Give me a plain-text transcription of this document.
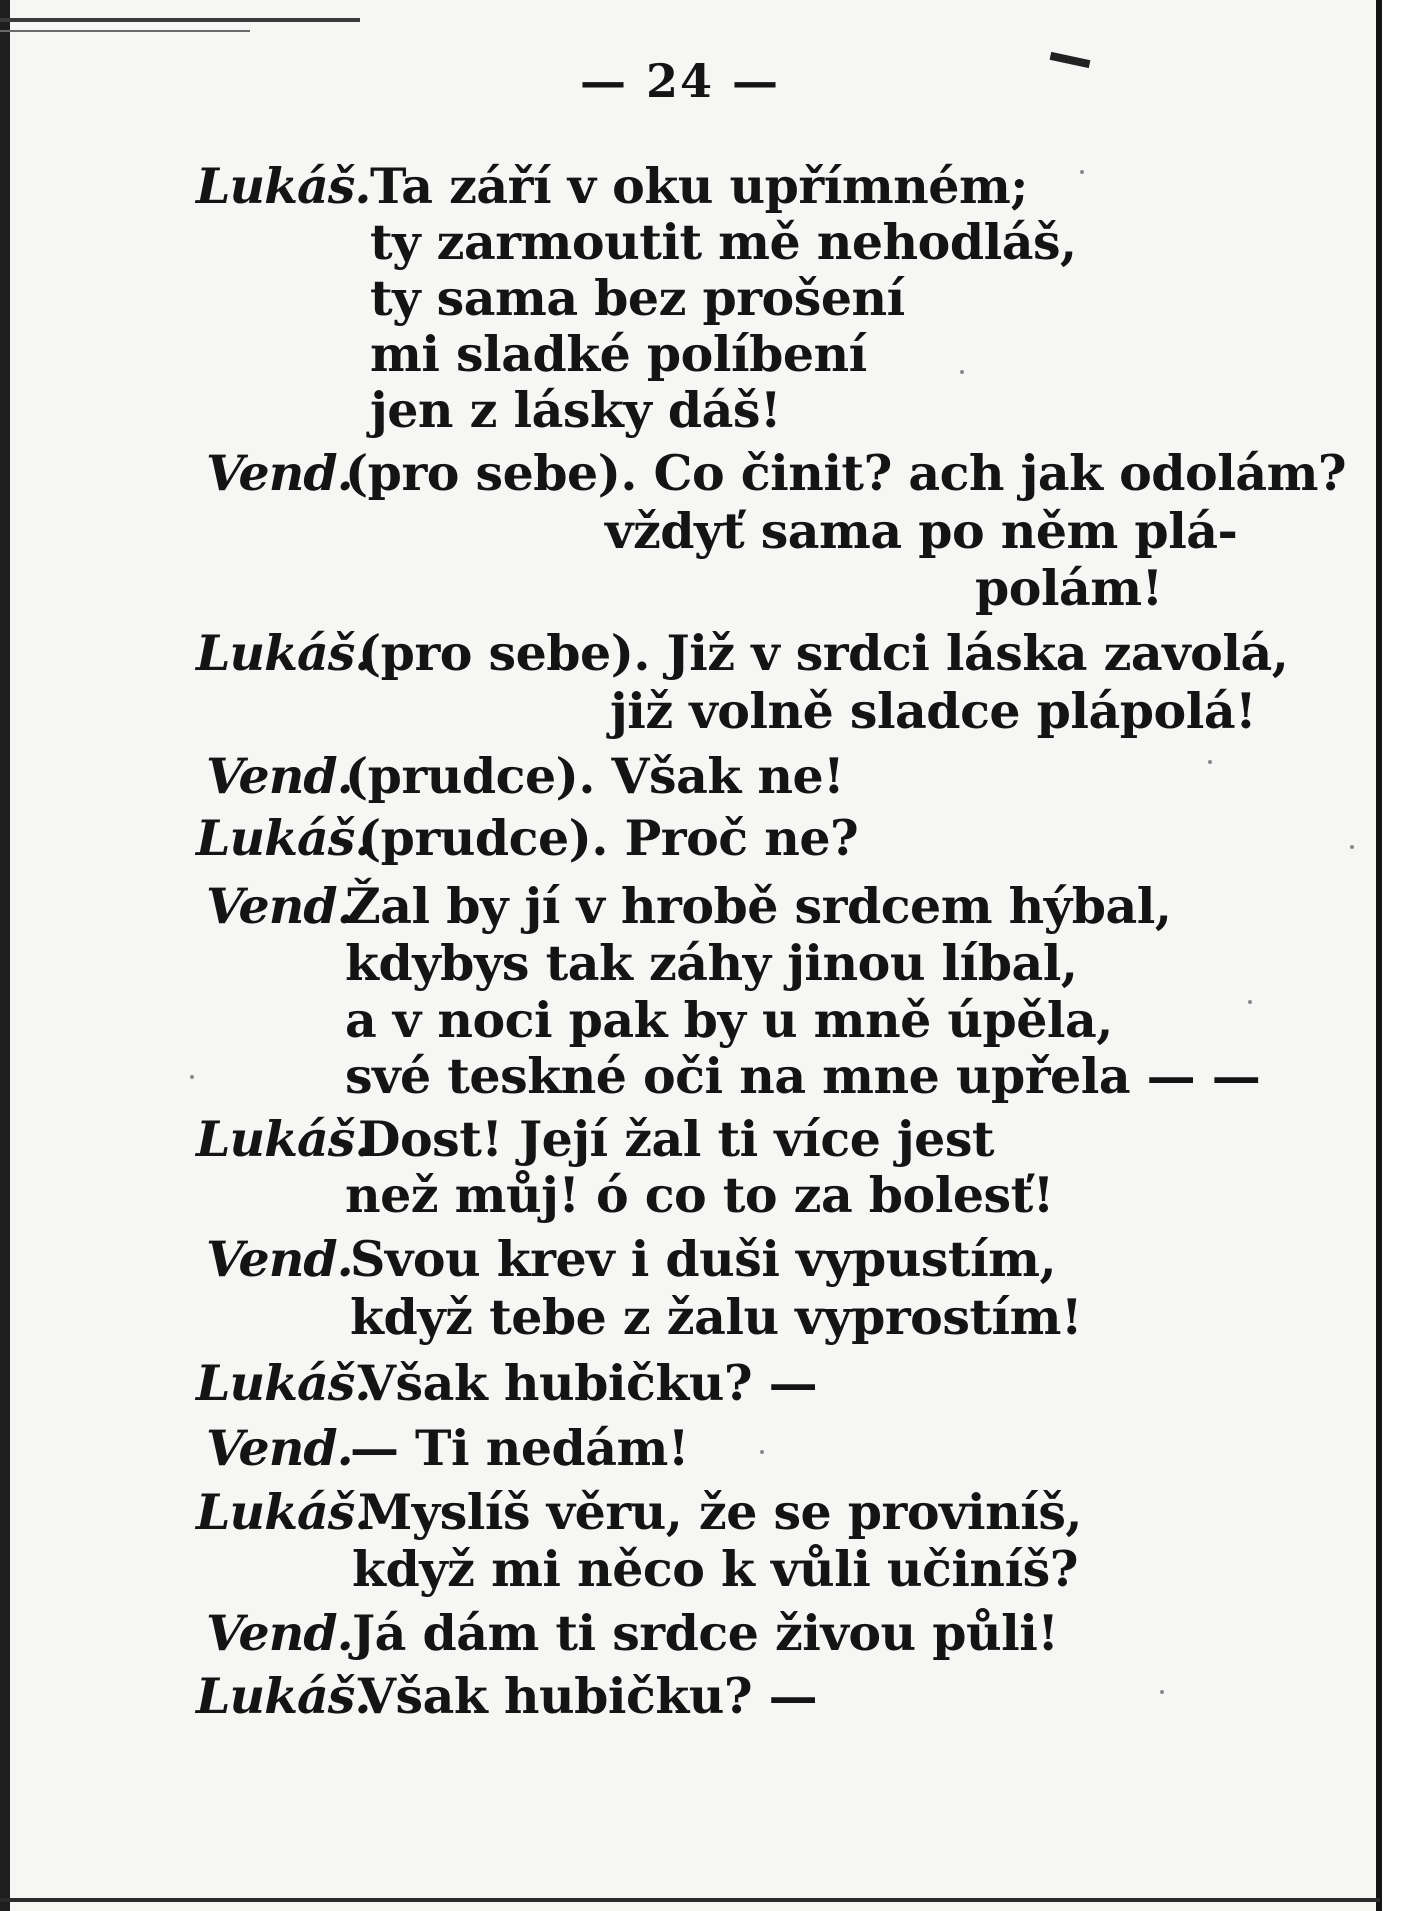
— 24 —
Lukáš. Ta září v oku upřímném;
ty zarmoutit mě nehodláš,
ty sama bez prošení
mi sladké políbení
jen z lásky dáš!
Vend.
(pro sebe). Co činit? ach jak odolám?
vždyť sama po něm plá-
polám!
Lukáš.
(pro sebe). Již v srdci láska zavolá,
již volně sladce plápolá!
Vend.
(prudce). Však ne!
Lukáš.
(prudce). Proč ne?
Vend.
Žal by jí v hrobě srdcem hýbal,
kdybys tak záhy jinou líbal,
a v noci pak by u mně úpěla,
své teskné oči na mne upřela — —
Lukáš.
Dost! Její žal ti více jest
než můj! ó co to za bolesť!
Vend.
Svou krev i duši vypustím,
když tebe z žalu vyprostím!
Lukáš.
Však hubičku? —
Vend.
— Ti nedám!
Lukáš.
Myslíš věru, že se proviníš,
když mi něco k vůli učiníš?
Vend. Já dám ti srdce živou půli!
Lukáš.
Však hubičku? —
